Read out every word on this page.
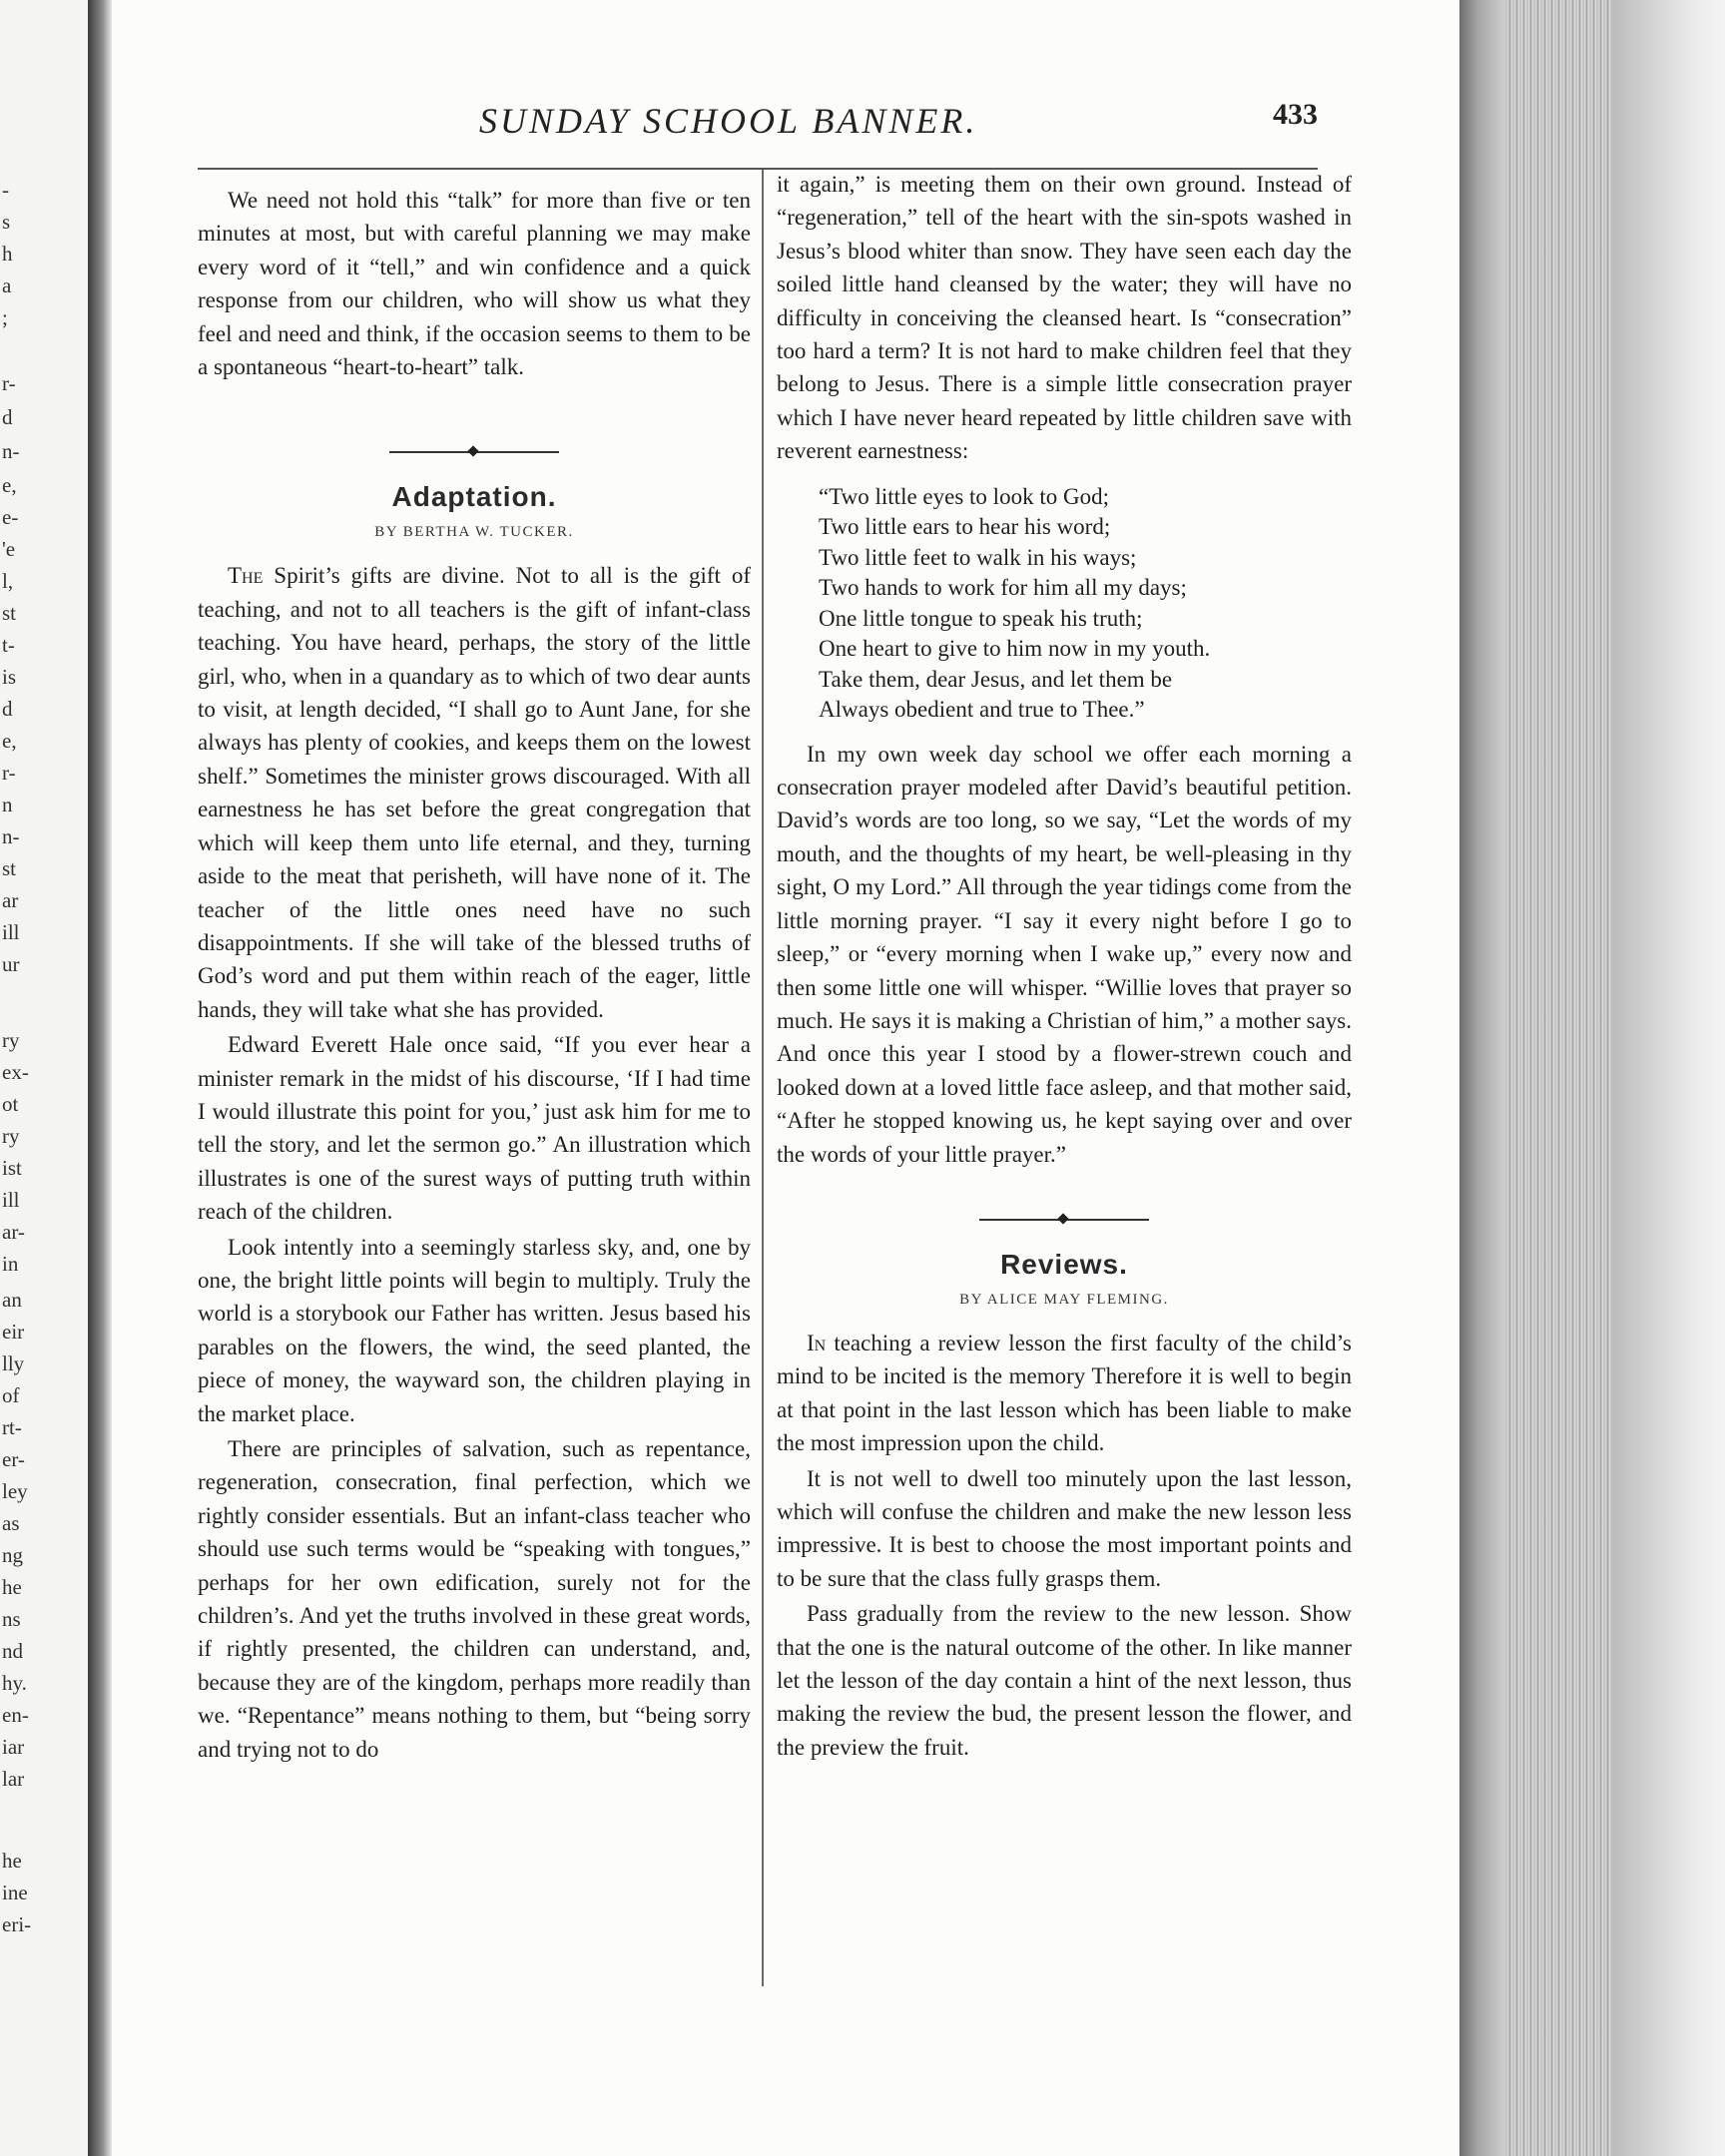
-
s
h
a
;
r-
d
n-
e,
e-
'e
l,
st
t-
is
d
e,
r-
n
n-
st
ar
ill
ur
ry
ex-
ot
ry
ist
ill
ar-
in
an
eir
lly
of
rt-
er-
ley
as
ng
he
ns
nd
hy.
en-
iar
lar
he
ine
eri-
SUNDAY SCHOOL BANNER.	433

We need not hold this “talk” for more than five or ten minutes at most, but with careful planning we may make every word of it “tell,” and win confidence and a quick response from our children, who will show us what they feel and need and think, if the occasion seems to them to be a spontaneous “heart-to-heart” talk.

Adaptation.
BY BERTHA W. TUCKER.

The Spirit’s gifts are divine. Not to all is the gift of teaching, and not to all teachers is the gift of infant-class teaching. You have heard, perhaps, the story of the little girl, who, when in a quandary as to which of two dear aunts to visit, at length decided, “I shall go to Aunt Jane, for she always has plenty of cookies, and keeps them on the lowest shelf.” Sometimes the minister grows discouraged. With all earnestness he has set before the great congregation that which will keep them unto life eternal, and they, turning aside to the meat that perisheth, will have none of it. The teacher of the little ones need have no such disappointments. If she will take of the blessed truths of God’s word and put them within reach of the eager, little hands, they will take what she has provided.

Edward Everett Hale once said, “If you ever hear a minister remark in the midst of his discourse, ‘If I had time I would illustrate this point for you,’ just ask him for me to tell the story, and let the sermon go.” An illustration which illustrates is one of the surest ways of putting truth within reach of the children.

Look intently into a seemingly starless sky, and, one by one, the bright little points will begin to multiply. Truly the world is a storybook our Father has written. Jesus based his parables on the flowers, the wind, the seed planted, the piece of money, the wayward son, the children playing in the market place.

There are principles of salvation, such as repentance, regeneration, consecration, final perfection, which we rightly consider essentials. But an infant-class teacher who should use such terms would be “speaking with tongues,” perhaps for her own edification, surely not for the children’s. And yet the truths involved in these great words, if rightly presented, the children can understand, and, because they are of the kingdom, perhaps more readily than we. “Repentance” means nothing to them, but “being sorry and trying not to do

it again,” is meeting them on their own ground. Instead of “regeneration,” tell of the heart with the sin-spots washed in Jesus’s blood whiter than snow. They have seen each day the soiled little hand cleansed by the water; they will have no difficulty in conceiving the cleansed heart. Is “consecration” too hard a term? It is not hard to make children feel that they belong to Jesus. There is a simple little consecration prayer which I have never heard repeated by little children save with reverent earnestness:

“Two little eyes to look to God;
Two little ears to hear his word;
Two little feet to walk in his ways;
Two hands to work for him all my days;
One little tongue to speak his truth;
One heart to give to him now in my youth.
Take them, dear Jesus, and let them be
Always obedient and true to Thee.”

In my own week day school we offer each morning a consecration prayer modeled after David’s beautiful petition. David’s words are too long, so we say, “Let the words of my mouth, and the thoughts of my heart, be well-pleasing in thy sight, O my Lord.” All through the year tidings come from the little morning prayer. “I say it every night before I go to sleep,” or “every morning when I wake up,” every now and then some little one will whisper. “Willie loves that prayer so much. He says it is making a Christian of him,” a mother says. And once this year I stood by a flower-strewn couch and looked down at a loved little face asleep, and that mother said, “After he stopped knowing us, he kept saying over and over the words of your little prayer.”

Reviews.
BY ALICE MAY FLEMING.

In teaching a review lesson the first faculty of the child’s mind to be incited is the memory Therefore it is well to begin at that point in the last lesson which has been liable to make the most impression upon the child.

It is not well to dwell too minutely upon the last lesson, which will confuse the children and make the new lesson less impressive. It is best to choose the most important points and to be sure that the class fully grasps them.

Pass gradually from the review to the new lesson. Show that the one is the natural outcome of the other. In like manner let the lesson of the day contain a hint of the next lesson, thus making the review the bud, the present lesson the flower, and the preview the fruit.
